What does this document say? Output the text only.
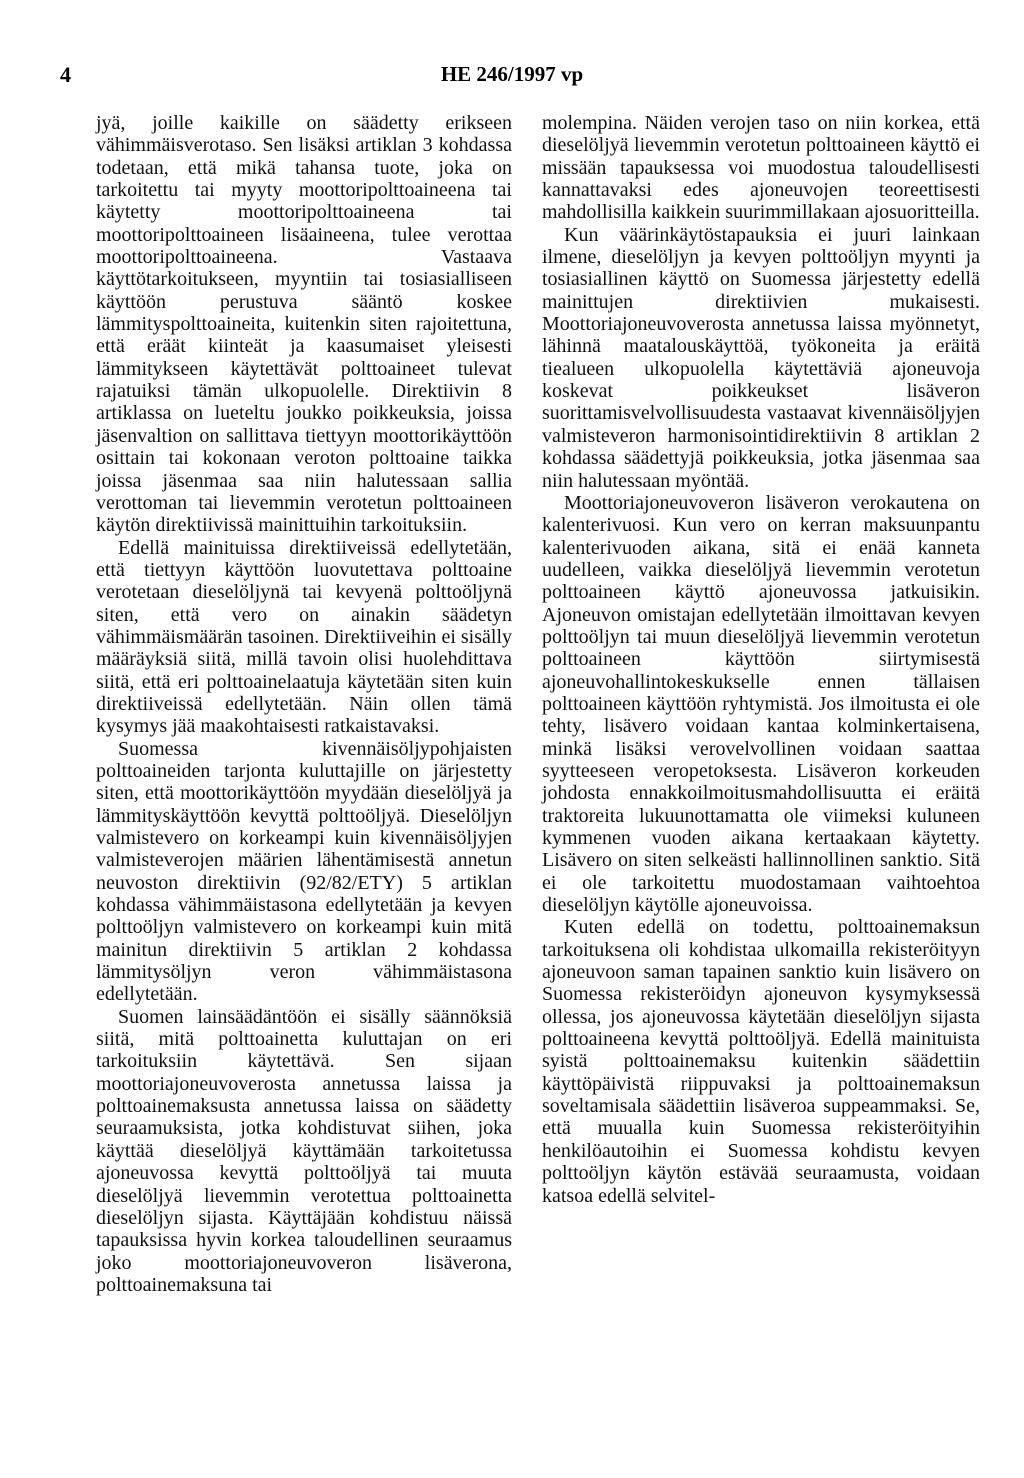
4	HE 246/1997 vp

jyä, joille kaikille on säädetty erikseen vähimmäisverotaso. Sen lisäksi artiklan 3 kohdassa todetaan, että mikä tahansa tuote, joka on tarkoitettu tai myyty moottoripolttoaineena tai käytetty moottoripolttoaineena tai moottoripolttoaineen lisäaineena, tulee verottaa moottoripolttoaineena. Vastaava käyttötarkoitukseen, myyntiin tai tosiasialliseen käyttöön perustuva sääntö koskee lämmityspolttoaineita, kuitenkin siten rajoitettuna, että eräät kiinteät ja kaasumaiset yleisesti lämmitykseen käytettävät polttoaineet tulevat rajatuiksi tämän ulkopuolelle. Direktiivin 8 artiklassa on lueteltu joukko poikkeuksia, joissa jäsenvaltion on sallittava tiettyyn moottorikäyttöön osittain tai kokonaan veroton polttoaine taikka joissa jäsenmaa saa niin halutessaan sallia verottoman tai lievemmin verotetun polttoaineen käytön direktiivissä mainittuihin tarkoituksiin.

Edellä mainituissa direktiiveissä edellytetään, että tiettyyn käyttöön luovutettava polttoaine verotetaan dieselöljynä tai kevyenä polttoöljynä siten, että vero on ainakin säädetyn vähimmäismäärän tasoinen. Direktiiveihin ei sisälly määräyksiä siitä, millä tavoin olisi huolehdittava siitä, että eri polttoainelaatuja käytetään siten kuin direktiiveissä edellytetään. Näin ollen tämä kysymys jää maakohtaisesti ratkaistavaksi.

Suomessa kivennäisöljypohjaisten polttoaineiden tarjonta kuluttajille on järjestetty siten, että moottorikäyttöön myydään dieselöljyä ja lämmityskäyttöön kevyttä polttoöljyä. Dieselöljyn valmistevero on korkeampi kuin kivennäisöljyjen valmisteverojen määrien lähentämisestä annetun neuvoston direktiivin (92/82/ETY) 5 artiklan kohdassa vähimmäistasona edellytetään ja kevyen polttoöljyn valmistevero on korkeampi kuin mitä mainitun direktiivin 5 artiklan 2 kohdassa lämmitysöljyn veron vähimmäistasona edellytetään.

Suomen lainsäädäntöön ei sisälly säännöksiä siitä, mitä polttoainetta kuluttajan on eri tarkoituksiin käytettävä. Sen sijaan moottoriajoneuvoverosta annetussa laissa ja polttoainemaksusta annetussa laissa on säädetty seuraamuksista, jotka kohdistuvat siihen, joka käyttää dieselöljyä käyttämään tarkoitetussa ajoneuvossa kevyttä polttoöljyä tai muuta dieselöljyä lievemmin verotettua polttoainetta dieselöljyn sijasta. Käyttäjään kohdistuu näissä tapauksissa hyvin korkea taloudellinen seuraamus joko moottoriajoneuvoveron lisäverona, polttoainemaksuna tai

molempina. Näiden verojen taso on niin korkea, että dieselöljyä lievemmin verotetun polttoaineen käyttö ei missään tapauksessa voi muodostua taloudellisesti kannattavaksi edes ajoneuvojen teoreettisesti mahdollisilla kaikkein suurimmillakaan ajosuoritteilla.

Kun väärinkäytöstapauksia ei juuri lainkaan ilmene, dieselöljyn ja kevyen polttoöljyn myynti ja tosiasiallinen käyttö on Suomessa järjestetty edellä mainittujen direktiivien mukaisesti. Moottoriajoneuvoverosta annetussa laissa myönnetyt, lähinnä maatalouskäyttöä, työkoneita ja eräitä tiealueen ulkopuolella käytettäviä ajoneuvoja koskevat poikkeukset lisäveron suorittamisvelvollisuudesta vastaavat kivennäisöljyjen valmisteveron harmonisointidirektiivin 8 artiklan 2 kohdassa säädettyjä poikkeuksia, jotka jäsenmaa saa niin halutessaan myöntää.

Moottoriajoneuvoveron lisäveron verokautena on kalenterivuosi. Kun vero on kerran maksuunpantu kalenterivuoden aikana, sitä ei enää kanneta uudelleen, vaikka dieselöljyä lievemmin verotetun polttoaineen käyttö ajoneuvossa jatkuisikin. Ajoneuvon omistajan edellytetään ilmoittavan kevyen polttoöljyn tai muun dieselöljyä lievemmin verotetun polttoaineen käyttöön siirtymisestä ajoneuvohallintokeskukselle ennen tällaisen polttoaineen käyttöön ryhtymistä. Jos ilmoitusta ei ole tehty, lisävero voidaan kantaa kolminkertaisena, minkä lisäksi verovelvollinen voidaan saattaa syytteeseen veropetoksesta. Lisäveron korkeuden johdosta ennakkoilmoitusmahdollisuutta ei eräitä traktoreita lukuunottamatta ole viimeksi kuluneen kymmenen vuoden aikana kertaakaan käytetty. Lisävero on siten selkeästi hallinnollinen sanktio. Sitä ei ole tarkoitettu muodostamaan vaihtoehtoa dieselöljyn käytölle ajoneuvoissa.

Kuten edellä on todettu, polttoainemaksun tarkoituksena oli kohdistaa ulkomailla rekisteröityyn ajoneuvoon saman tapainen sanktio kuin lisävero on Suomessa rekisteröidyn ajoneuvon kysymyksessä ollessa, jos ajoneuvossa käytetään dieselöljyn sijasta polttoaineena kevyttä polttoöljyä. Edellä mainituista syistä polttoainemaksu kuitenkin säädettiin käyttöpäivistä riippuvaksi ja polttoainemaksun soveltamisala säädettiin lisäveroa suppeammaksi. Se, että muualla kuin Suomessa rekisteröityihin henkilöautoihin ei Suomessa kohdistu kevyen polttoöljyn käytön estävää seuraamusta, voidaan katsoa edellä selvitel-
